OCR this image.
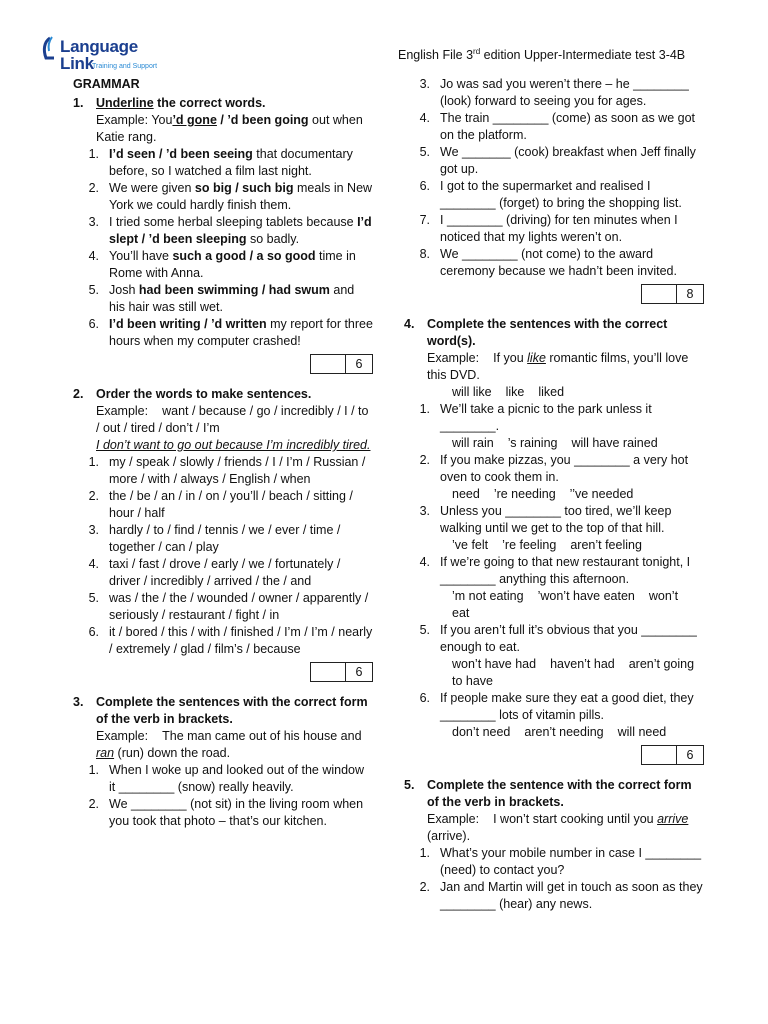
Language Link
Training and Support
English File 3rd edition Upper-Intermediate test 3-4B
GRAMMAR
1.	Underline the correct words.
Example: You’d gone / ’d been going out when Katie rang.
1. I’d seen / ’d been seeing that documentary before, so I watched a film last night.
2. We were given so big / such big meals in New York we could hardly finish them.
3. I tried some herbal sleeping tablets because I’d slept / ’d been sleeping so badly.
4. You’ll have such a good / a so good time in Rome with Anna.
5. Josh had been swimming / had swum and his hair was still wet.
6. I’d been writing / ’d written my report for three hours when my computer crashed!
6
2.	Order the words to make sentences.
Example: want / because / go / incredibly / I / to / out / tired / don’t / I’m
I don’t want to go out because I’m incredibly tired.
1. my / speak / slowly / friends / I / I’m / Russian / more / with / always / English / when
2. the / be / an / in / on / you’ll / beach / sitting / hour / half
3. hardly / to / find / tennis / we / ever / time / together / can / play
4. taxi / fast / drove / early / we / fortunately / driver / incredibly / arrived / the / and
5. was / the / the / wounded / owner / apparently / seriously / restaurant / fight / in
6. it / bored / this / with / finished / I’m / I’m / nearly / extremely / glad / film’s / because
6
3.	Complete the sentences with the correct form of the verb in brackets.
Example: The man came out of his house and ran (run) down the road.
1. When I woke up and looked out of the window it ________ (snow) really heavily.
2. We ________ (not sit) in the living room when you took that photo – that’s our kitchen.
3. Jo was sad you weren’t there – he ________ (look) forward to seeing you for ages.
4. The train ________ (come) as soon as we got on the platform.
5. We _______ (cook) breakfast when Jeff finally got up.
6. I got to the supermarket and realised I ________ (forget) to bring the shopping list.
7. I ________ (driving) for ten minutes when I noticed that my lights weren’t on.
8. We ________ (not come) to the award ceremony because we hadn’t been invited.
8
4.	Complete the sentences with the correct word(s).
Example: If you like romantic films, you’ll love this DVD.
will like like liked
1. We’ll take a picnic to the park unless it ________.
will rain ’s raining will have rained
2. If you make pizzas, you ________ a very hot oven to cook them in.
need ’re needing ’’ve needed
3. Unless you ________ too tired, we’ll keep walking until we get to the top of that hill.
’ve felt ’re feeling aren’t feeling
4. If we’re going to that new restaurant tonight, I ________ anything this afternoon.
’m not eating ’won’t have eaten won’t eat
5. If you aren’t full it’s obvious that you ________ enough to eat.
won’t have had haven’t had aren’t going to have
6. If people make sure they eat a good diet, they ________ lots of vitamin pills.
don’t need aren’t needing will need
6
5.	Complete the sentence with the correct form of the verb in brackets.
Example: I won’t start cooking until you arrive (arrive).
1. What’s your mobile number in case I ________ (need) to contact you?
2. Jan and Martin will get in touch as soon as they ________ (hear) any news.
